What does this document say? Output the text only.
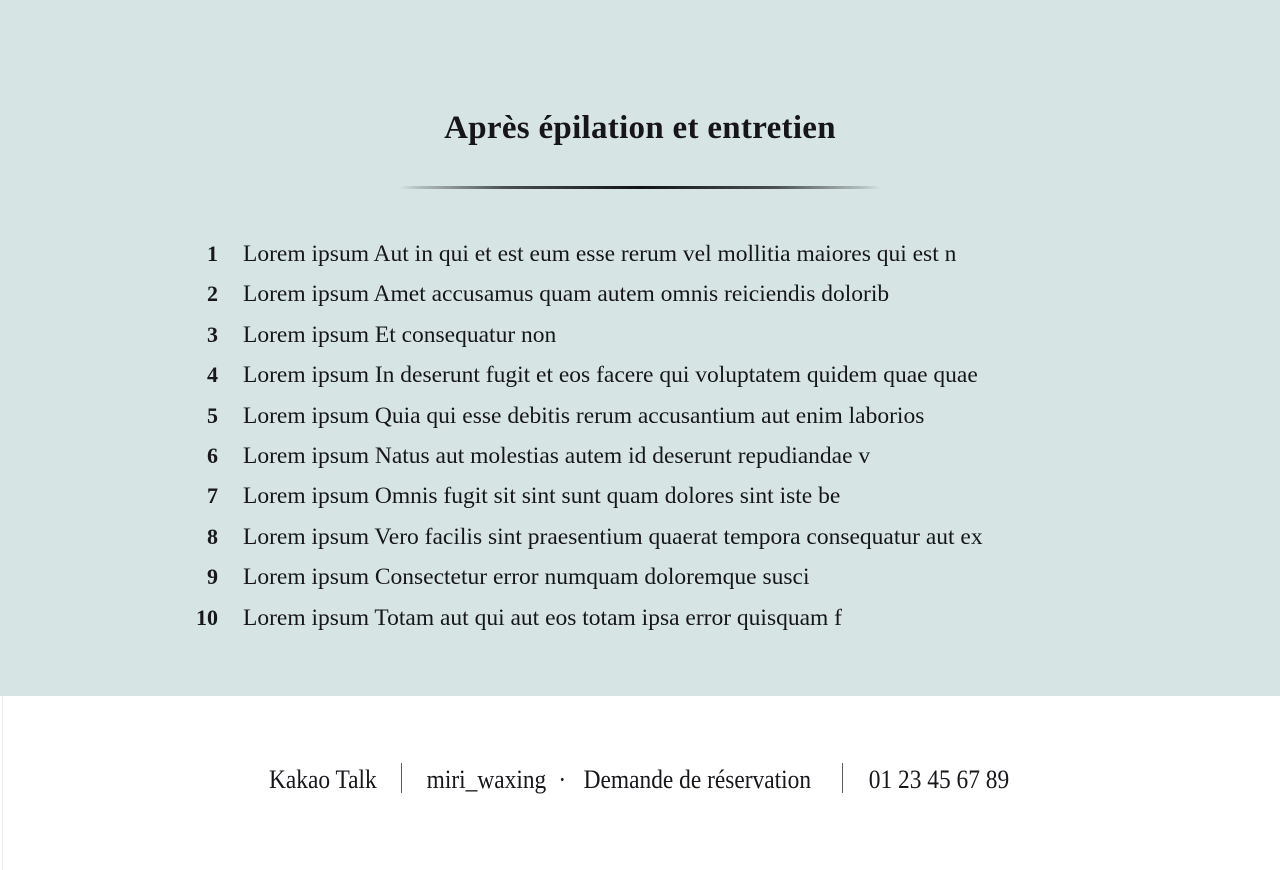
Après épilation et entretien
1	Lorem ipsum Aut in qui et est eum esse rerum vel mollitia maiores qui est n
2	Lorem ipsum Amet accusamus quam autem omnis reiciendis dolorib
3	Lorem ipsum Et consequatur non
4	Lorem ipsum In deserunt fugit et eos facere qui voluptatem quidem quae quae
5	Lorem ipsum Quia qui esse debitis rerum accusantium aut enim laborios
6	Lorem ipsum Natus aut molestias autem id deserunt repudiandae v
7	Lorem ipsum Omnis fugit sit sint sunt quam dolores sint iste be
8	Lorem ipsum Vero facilis sint praesentium quaerat tempora consequatur aut ex
9	Lorem ipsum Consectetur error numquam doloremque susci
10	Lorem ipsum Totam aut qui aut eos totam ipsa error quisquam f
Kakao Talk miri_waxing · Demande de réservation 01 23 45 67 89
